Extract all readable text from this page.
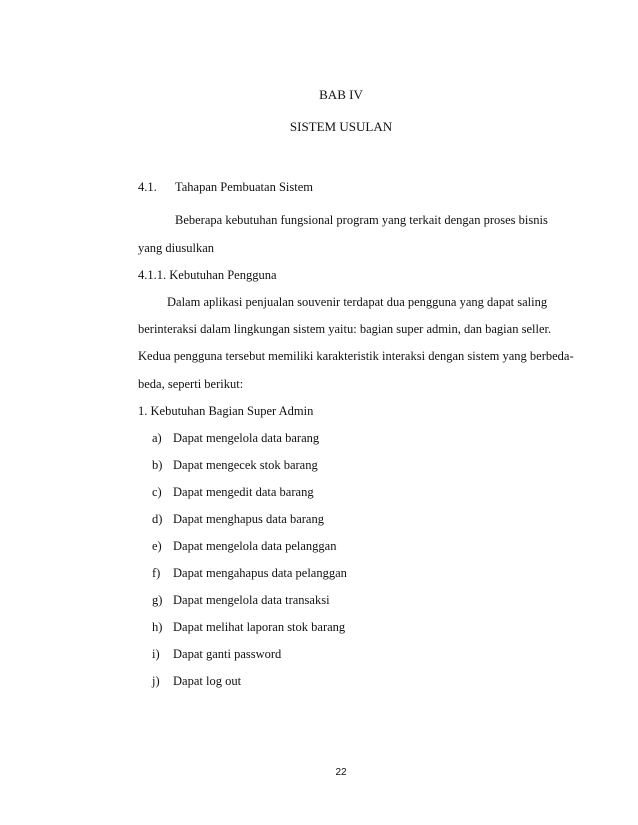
BAB IV
SISTEM USULAN
4.1. Tahapan Pembuatan Sistem
Beberapa kebutuhan fungsional program yang terkait dengan proses bisnis
yang diusulkan
4.1.1. Kebutuhan Pengguna
Dalam aplikasi penjualan souvenir terdapat dua pengguna yang dapat saling
berinteraksi dalam lingkungan sistem yaitu: bagian super admin, dan bagian seller.
Kedua pengguna tersebut memiliki karakteristik interaksi dengan sistem yang berbeda-
beda, seperti berikut:
1. Kebutuhan Bagian Super Admin
a) Dapat mengelola data barang
b) Dapat mengecek stok barang
c) Dapat mengedit data barang
d) Dapat menghapus data barang
e) Dapat mengelola data pelanggan
f) Dapat mengahapus data pelanggan
g) Dapat mengelola data transaksi
h) Dapat melihat laporan stok barang
i) Dapat ganti password
j) Dapat log out
22
